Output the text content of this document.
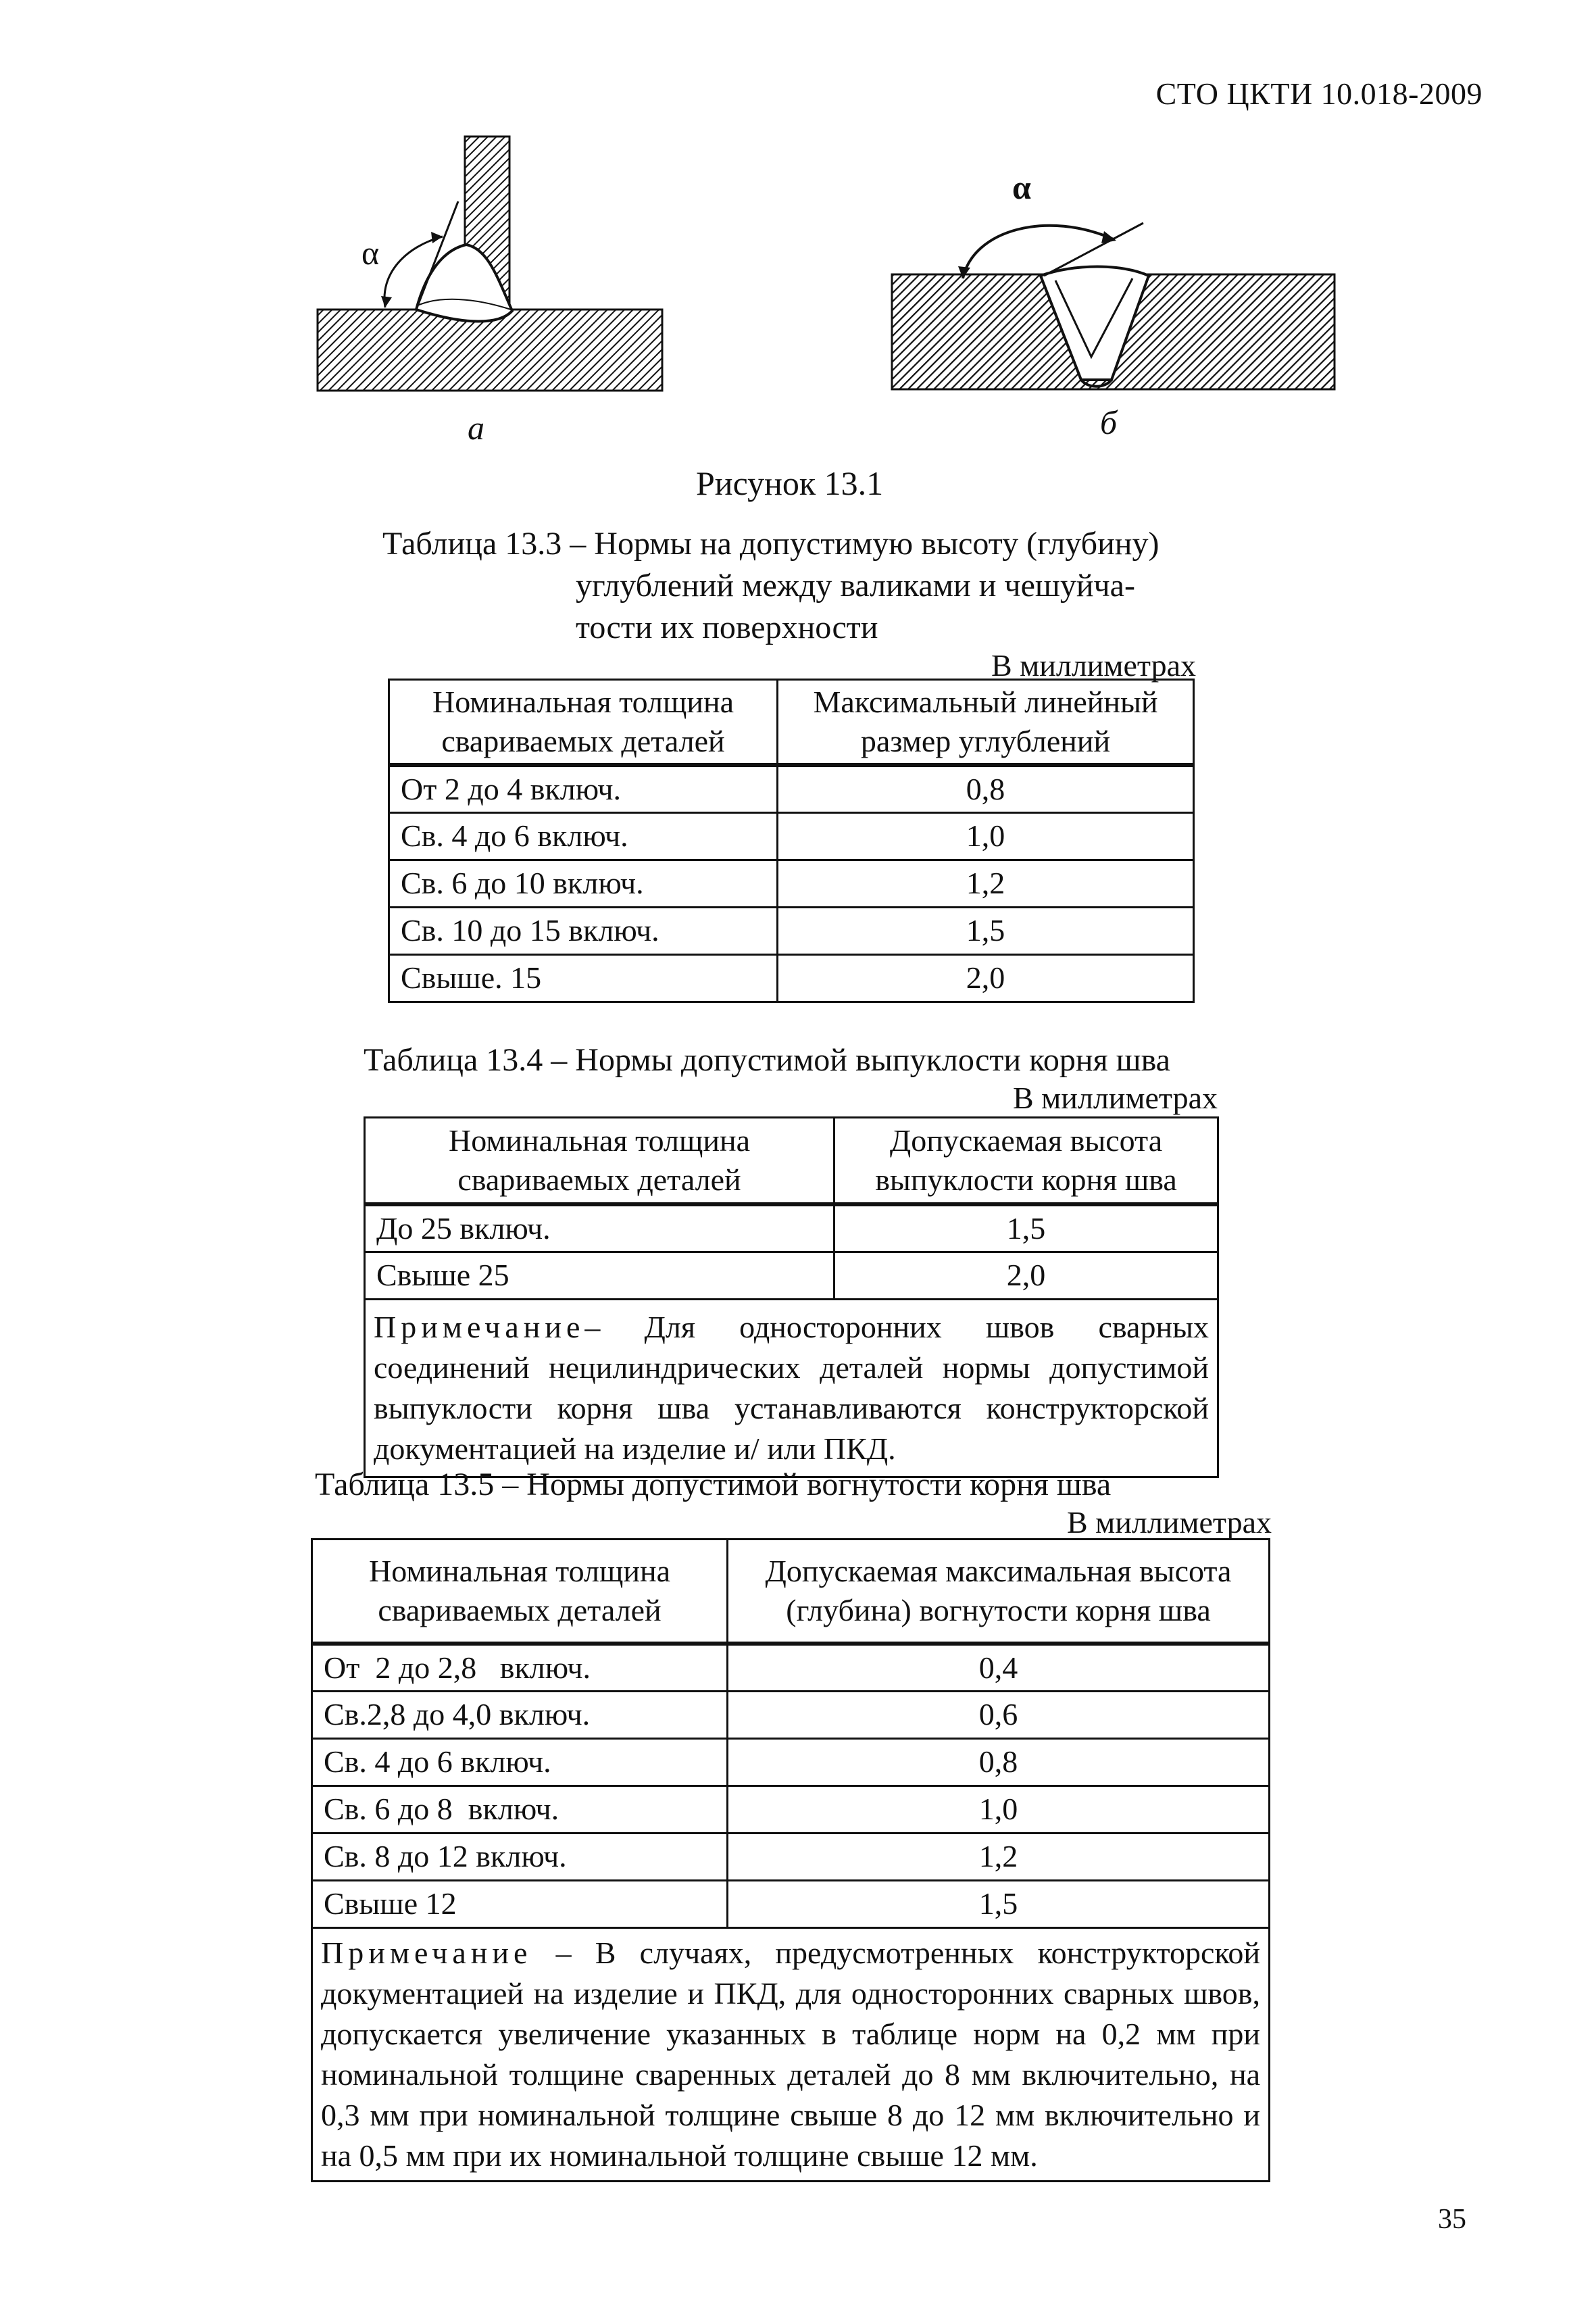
СТО ЦКТИ 10.018-2009
α
α
а	б
Рисунок 13.1
Таблица 13.3 – Нормы на допустимую высоту (глубину)
углублений между валиками и чешуйча-
тости их поверхности
В миллиметрах
Номинальная толщина свариваемых деталей	Максимальный линейный размер углублений
От 2 до 4 включ.	0,8
Св. 4 до 6 включ.	1,0
Св. 6 до 10 включ.	1,2
Св. 10 до 15 включ.	1,5
Свыше. 15	2,0
Таблица 13.4 – Нормы допустимой выпуклости корня шва
В миллиметрах
Номинальная толщина свариваемых деталей	Допускаемая высота выпуклости корня шва
До 25 включ.	1,5
Свыше 25	2,0
Примечание– Для односторонних швов сварных соединений нецилиндрических деталей нормы допустимой выпуклости корня шва устанавливаются конструкторской документацией на изделие и/ или ПКД.	
Таблица 13.5 – Нормы допустимой вогнутости корня шва
В миллиметрах
Номинальная толщина свариваемых деталей	Допускаемая максимальная высота (глубина) вогнутости корня шва
От  2 до 2,8   включ.	0,4
Св.2,8 до 4,0 включ.	0,6
Св. 4 до 6 включ.	0,8
Св. 6 до 8  включ.	1,0
Св. 8 до 12 включ.	1,2
Свыше 12	1,5
Примечание – В случаях, предусмотренных конструкторской документацией на изделие и ПКД, для односторонних сварных швов, допускается увеличение указанных в таблице норм на 0,2 мм при номинальной толщине сваренных деталей до 8 мм включительно, на 0,3 мм при номинальной толщине свыше 8 до 12 мм включительно и на 0,5 мм при их номинальной толщине свыше 12 мм.	
35
